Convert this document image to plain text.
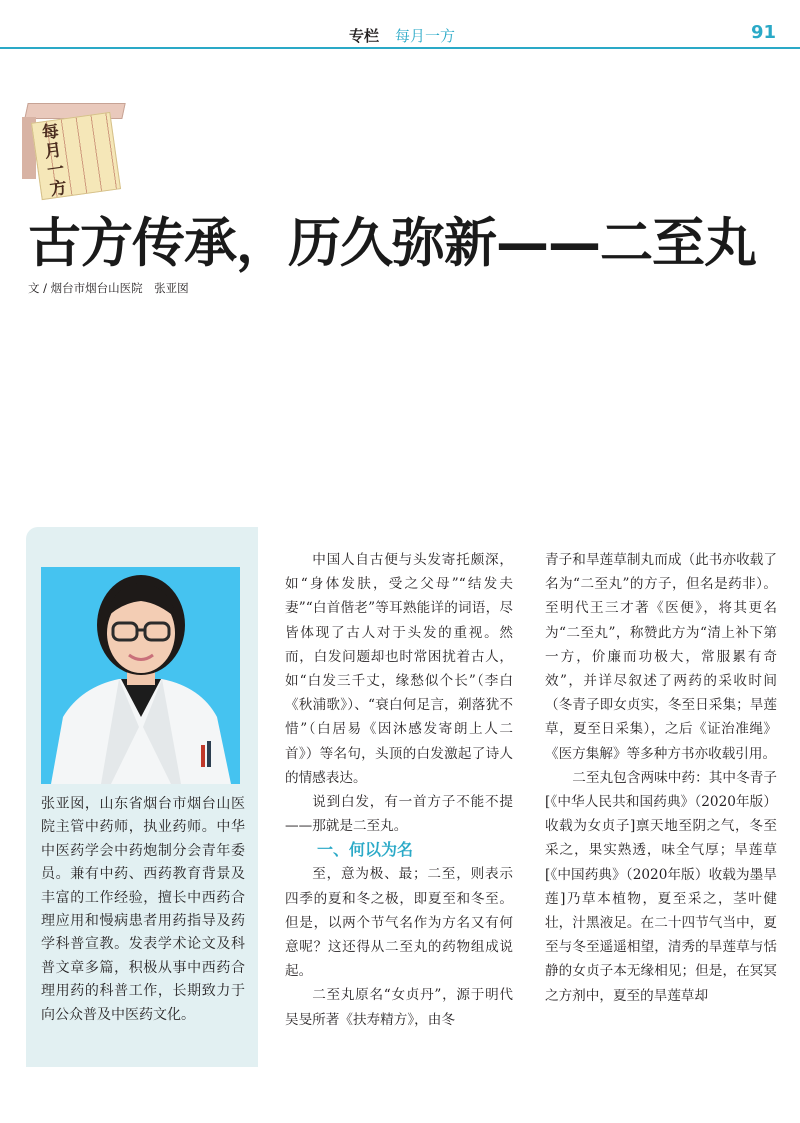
专栏 每月一方	91
每月一方
古方传承，历久弥新——二至丸
文 / 烟台市烟台山医院　张亚囡
张亚囡，山东省烟台市烟台山医院主管中药师，执业药师。中华中医药学会中药炮制分会青年委员。兼有中药、西药教育背景及丰富的工作经验，擅长中西药合理应用和慢病患者用药指导及药学科普宣教。发表学术论文及科普文章多篇，积极从事中西药合理用药的科普工作，长期致力于向公众普及中医药文化。

中国人自古便与头发寄托颇深，如“身体发肤，受之父母”“结发夫妻”“白首偕老”等耳熟能详的词语，尽皆体现了古人对于头发的重视。然而，白发问题却也时常困扰着古人，如“白发三千丈，缘愁似个长”（李白《秋浦歌》）、“衰白何足言，剃落犹不惜”（白居易《因沐感发寄朗上人二首》）等名句，头顶的白发激起了诗人的情感表达。

说到白发，有一首方子不能不提——那就是二至丸。

一、何以为名

至，意为极、最；二至，则表示四季的夏和冬之极，即夏至和冬至。但是，以两个节气名作为方名又有何意呢？这还得从二至丸的药物组成说起。

二至丸原名“女贞丹”，源于明代吴旻所著《扶寿精方》，由冬

青子和旱莲草制丸而成（此书亦收载了名为“二至丸”的方子，但名是药非）。至明代王三才著《医便》，将其更名为“二至丸”，称赞此方为“清上补下第一方，价廉而功极大，常服累有奇效”，并详尽叙述了两药的采收时间（冬青子即女贞实，冬至日采集；旱莲草，夏至日采集），之后《证治准绳》《医方集解》等多种方书亦收载引用。

二至丸包含两味中药：其中冬青子[《中华人民共和国药典》（2020年版）收载为女贞子]禀天地至阴之气，冬至采之，果实熟透，味全气厚；旱莲草[《中国药典》（2020年版）收载为墨旱莲]乃草本植物，夏至采之，茎叶健壮，汁黑液足。在二十四节气当中，夏至与冬至遥遥相望，清秀的旱莲草与恬静的女贞子本无缘相见；但是，在冥冥之方剂中，夏至的旱莲草却
